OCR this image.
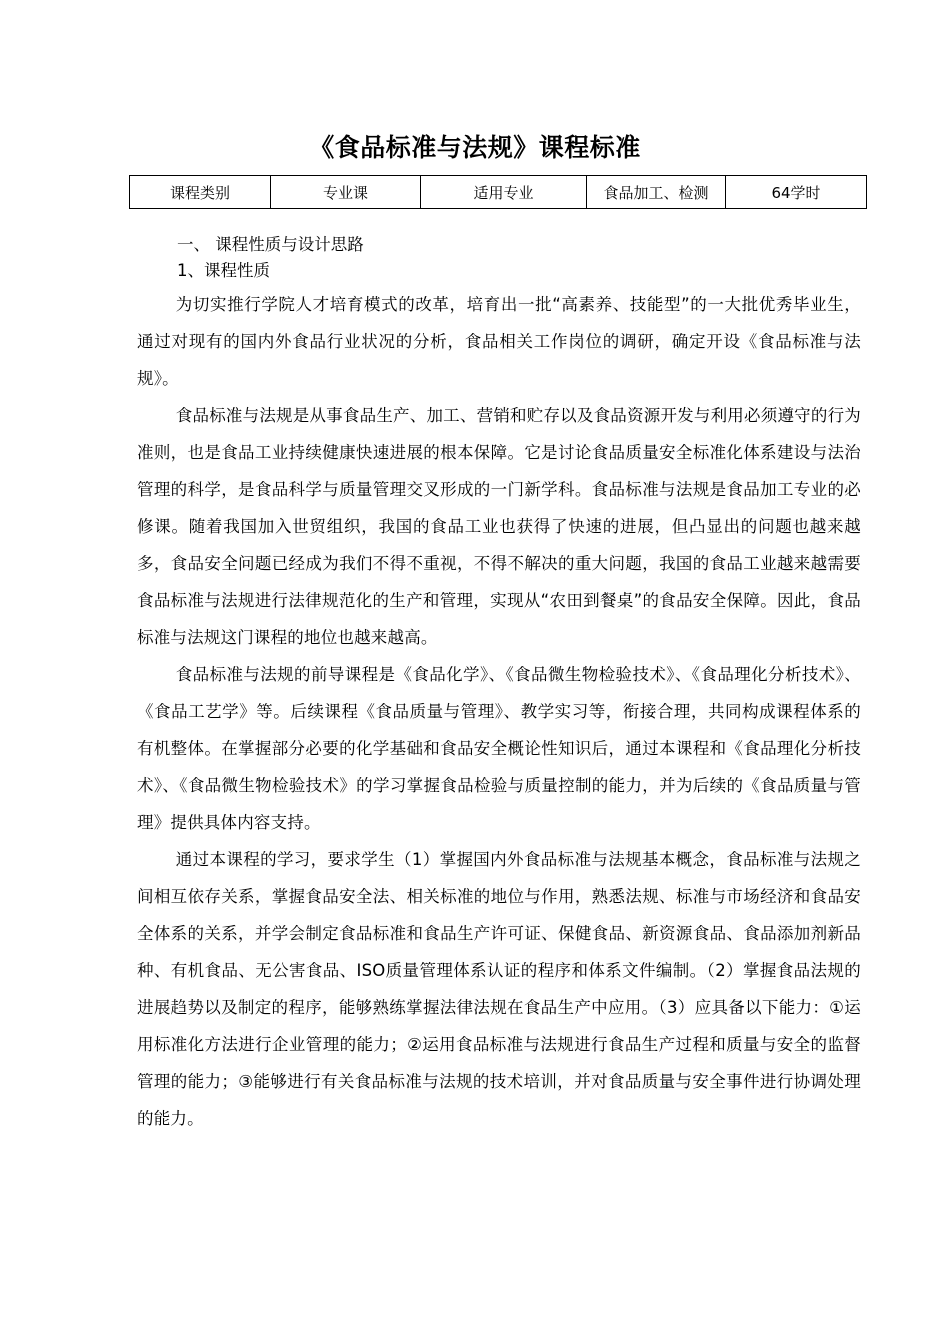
《食品标准与法规》课程标准
课程类别	专业课	适用专业	食品加工、检测	64学时
一、 课程性质与设计思路
1、课程性质

为切实推行学院人才培育模式的改革，培育出一批“高素养、技能型”的一大批优秀毕业生，通过对现有的国内外食品行业状况的分析，食品相关工作岗位的调研，确定开设《食品标准与法规》。

食品标准与法规是从事食品生产、加工、营销和贮存以及食品资源开发与利用必须遵守的行为准则，也是食品工业持续健康快速进展的根本保障。它是讨论食品质量安全标准化体系建设与法治管理的科学，是食品科学与质量管理交叉形成的一门新学科。食品标准与法规是食品加工专业的必修课。随着我国加入世贸组织，我国的食品工业也获得了快速的进展，但凸显出的问题也越来越多，食品安全问题已经成为我们不得不重视，不得不解决的重大问题，我国的食品工业越来越需要食品标准与法规进行法律规范化的生产和管理，实现从“农田到餐桌”的食品安全保障。因此，食品标准与法规这门课程的地位也越来越高。

食品标准与法规的前导课程是《食品化学》、《食品微生物检验技术》、《食品理化分析技术》、《食品工艺学》等。后续课程《食品质量与管理》、教学实习等，衔接合理，共同构成课程体系的有机整体。在掌握部分必要的化学基础和食品安全概论性知识后，通过本课程和《食品理化分析技术》、《食品微生物检验技术》的学习掌握食品检验与质量控制的能力，并为后续的《食品质量与管理》提供具体内容支持。

通过本课程的学习，要求学生（1）掌握国内外食品标准与法规基本概念，食品标准与法规之间相互依存关系，掌握食品安全法、相关标准的地位与作用，熟悉法规、标准与市场经济和食品安全体系的关系，并学会制定食品标准和食品生产许可证、保健食品、新资源食品、食品添加剂新品种、有机食品、无公害食品、ISO质量管理体系认证的程序和体系文件编制。（2）掌握食品法规的进展趋势以及制定的程序，能够熟练掌握法律法规在食品生产中应用。（3）应具备以下能力：①运用标准化方法进行企业管理的能力；②运用食品标准与法规进行食品生产过程和质量与安全的监督管理的能力；③能够进行有关食品标准与法规的技术培训，并对食品质量与安全事件进行协调处理的能力。
